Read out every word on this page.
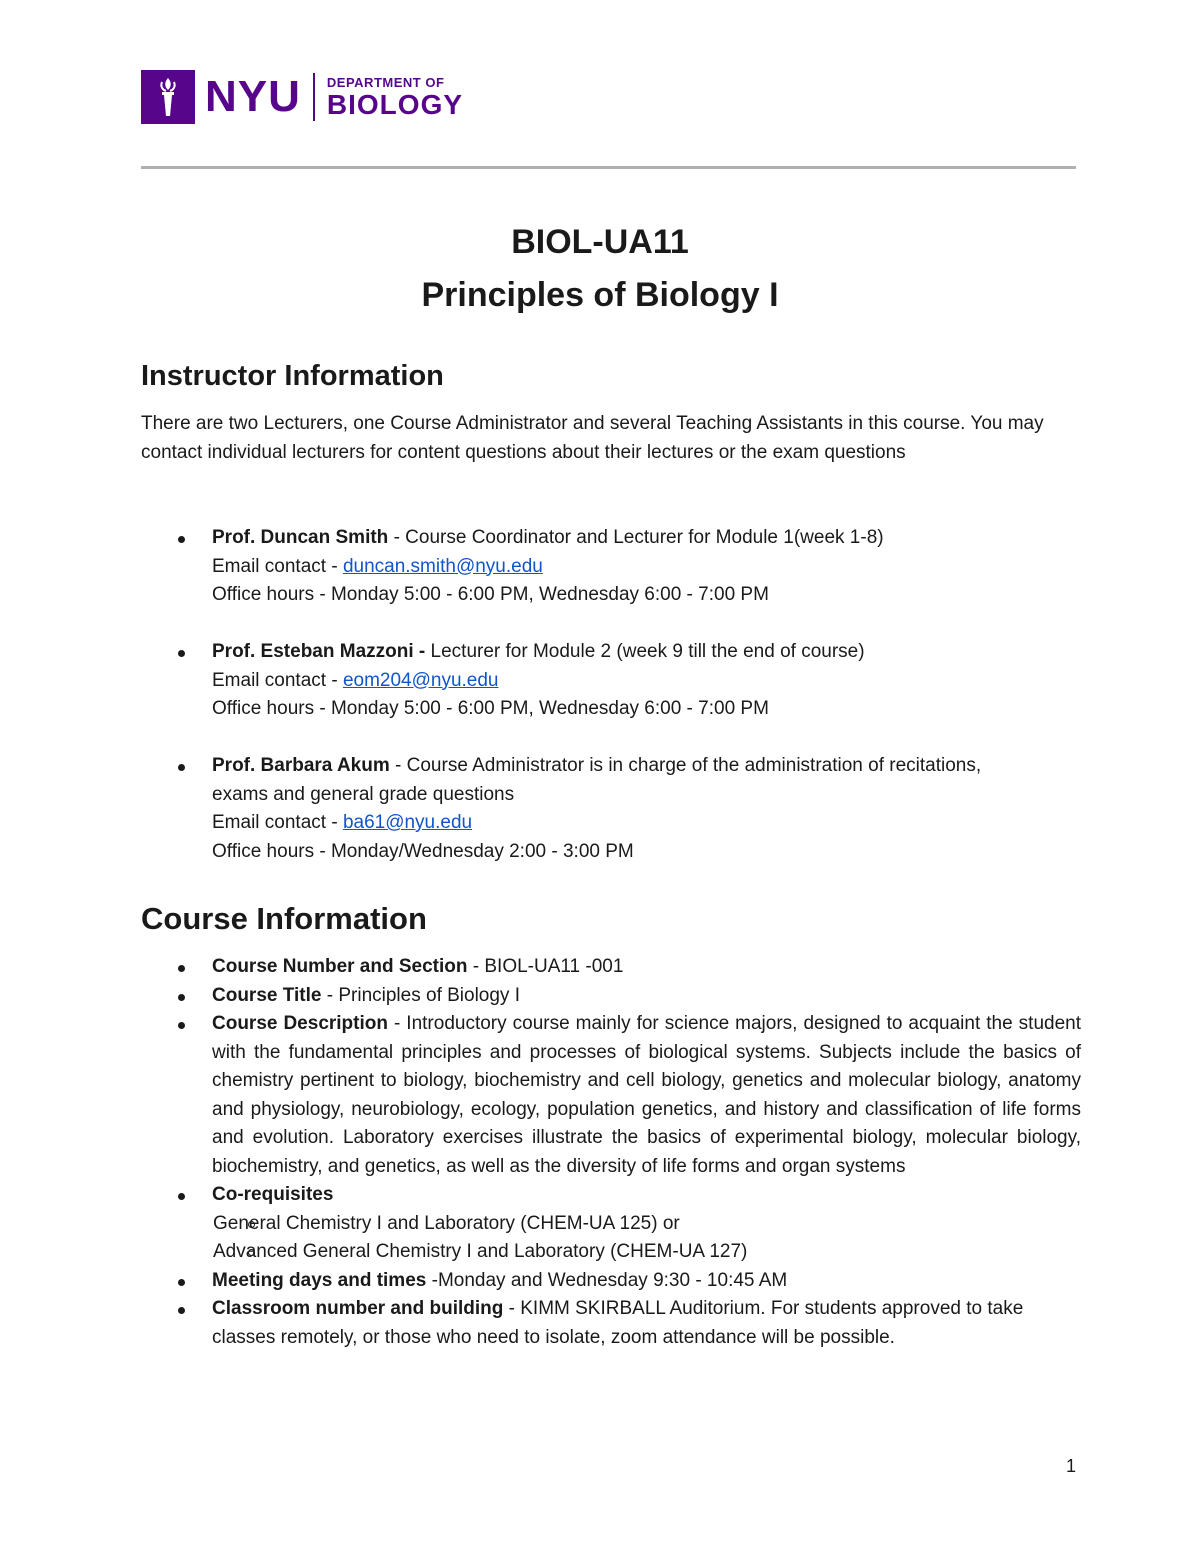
NYU DEPARTMENT OF
BIOLOGY
BIOL-UA11
Principles of Biology I
Instructor Information
There are two Lecturers, one Course Administrator and several Teaching Assistants in this course. You may contact individual lecturers for content questions about their lectures or the exam questions
Prof. Duncan Smith - Course Coordinator and Lecturer for Module 1(week 1-8)
Email contact - duncan.smith@nyu.edu
Office hours - Monday 5:00 - 6:00 PM, Wednesday 6:00 - 7:00 PM
Prof. Esteban Mazzoni - Lecturer for Module 2 (week 9 till the end of course)
Email contact - eom204@nyu.edu
Office hours - Monday 5:00 - 6:00 PM, Wednesday 6:00 - 7:00 PM
Prof. Barbara Akum - Course Administrator is in charge of the administration of recitations, exams and general grade questions
Email contact - ba61@nyu.edu
Office hours - Monday/Wednesday 2:00 - 3:00 PM
Course Information
Course Number and Section - BIOL-UA11 -001
Course Title - Principles of Biology I
Course Description - Introductory course mainly for science majors, designed to acquaint the student with the fundamental principles and processes of biological systems. Subjects include the basics of chemistry pertinent to biology, biochemistry and cell biology, genetics and molecular biology, anatomy and physiology, neurobiology, ecology, population genetics, and history and classification of life forms and evolution. Laboratory exercises illustrate the basics of experimental biology, molecular biology, biochemistry, and genetics, as well as the diversity of life forms and organ systems
Co-requisites
General Chemistry I and Laboratory (CHEM-UA 125) or
Advanced General Chemistry I and Laboratory (CHEM-UA 127)
Meeting days and times -Monday and Wednesday 9:30 - 10:45 AM
Classroom number and building - KIMM SKIRBALL Auditorium. For students approved to take classes remotely, or those who need to isolate, zoom attendance will be possible.
1
